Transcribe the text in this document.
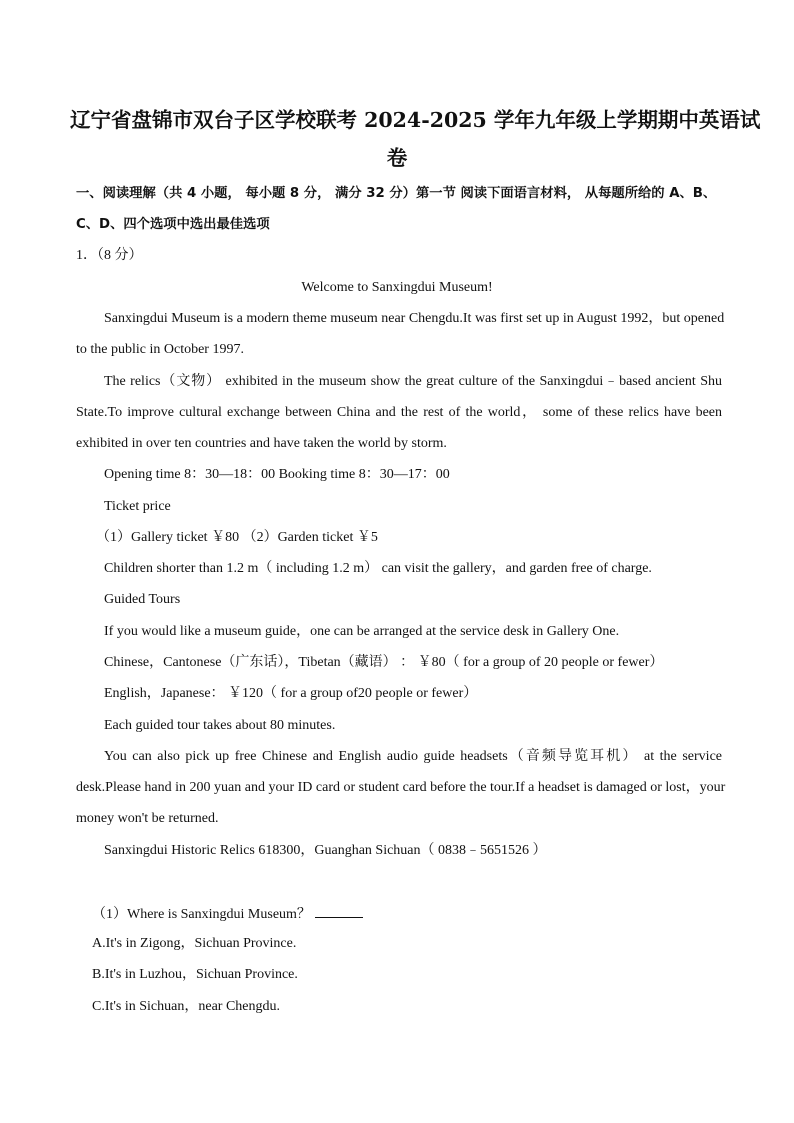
辽宁省盘锦市双台子区学校联考 2024-2025 学年九年级上学期期中英语试
卷
一、阅读理解（共 4 小题， 每小题 8 分， 满分 32 分）第一节 阅读下面语言材料， 从每题所给的 A、B、
C、D、四个选项中选出最佳选项
1．（8 分）
Welcome to Sanxingdui Museum!
Sanxingdui Museum is a modern theme museum near Chengdu.It was first set up in August 1992，but opened
to the public in October 1997.
The relics（文物） exhibited in the museum show the great culture of the Sanxingdui﹣based ancient Shu
State.To improve cultural exchange between China and the rest of the world， some of these relics have been
exhibited in over ten countries and have taken the world by storm.
Opening time 8：30—18：00 Booking time 8：30—17：00
Ticket price
（1）Gallery ticket ￥80 （2）Garden ticket ￥5
Children shorter than 1.2 m（ including 1.2 m） can visit the gallery，and garden free of charge.
Guided Tours
If you would like a museum guide，one can be arranged at the service desk in Gallery One.
Chinese，Cantonese（广东话），Tibetan（藏语） ： ￥80（ for a group of 20 people or fewer）
English，Japanese： ￥120（ for a group of20 people or fewer）
Each guided tour takes about 80 minutes.
You can also pick up free Chinese and English audio guide headsets（音频导览耳机） at the service
desk.Please hand in 200 yuan and your ID card or student card before the tour.If a headset is damaged or lost，your
money won't be returned.
Sanxingdui Historic Relics 618300，Guanghan Sichuan（ 0838﹣5651526 ）
（1）Where is Sanxingdui Museum？
A.It's in Zigong，Sichuan Province.
B.It's in Luzhou，Sichuan Province.
C.It's in Sichuan，near Chengdu.
